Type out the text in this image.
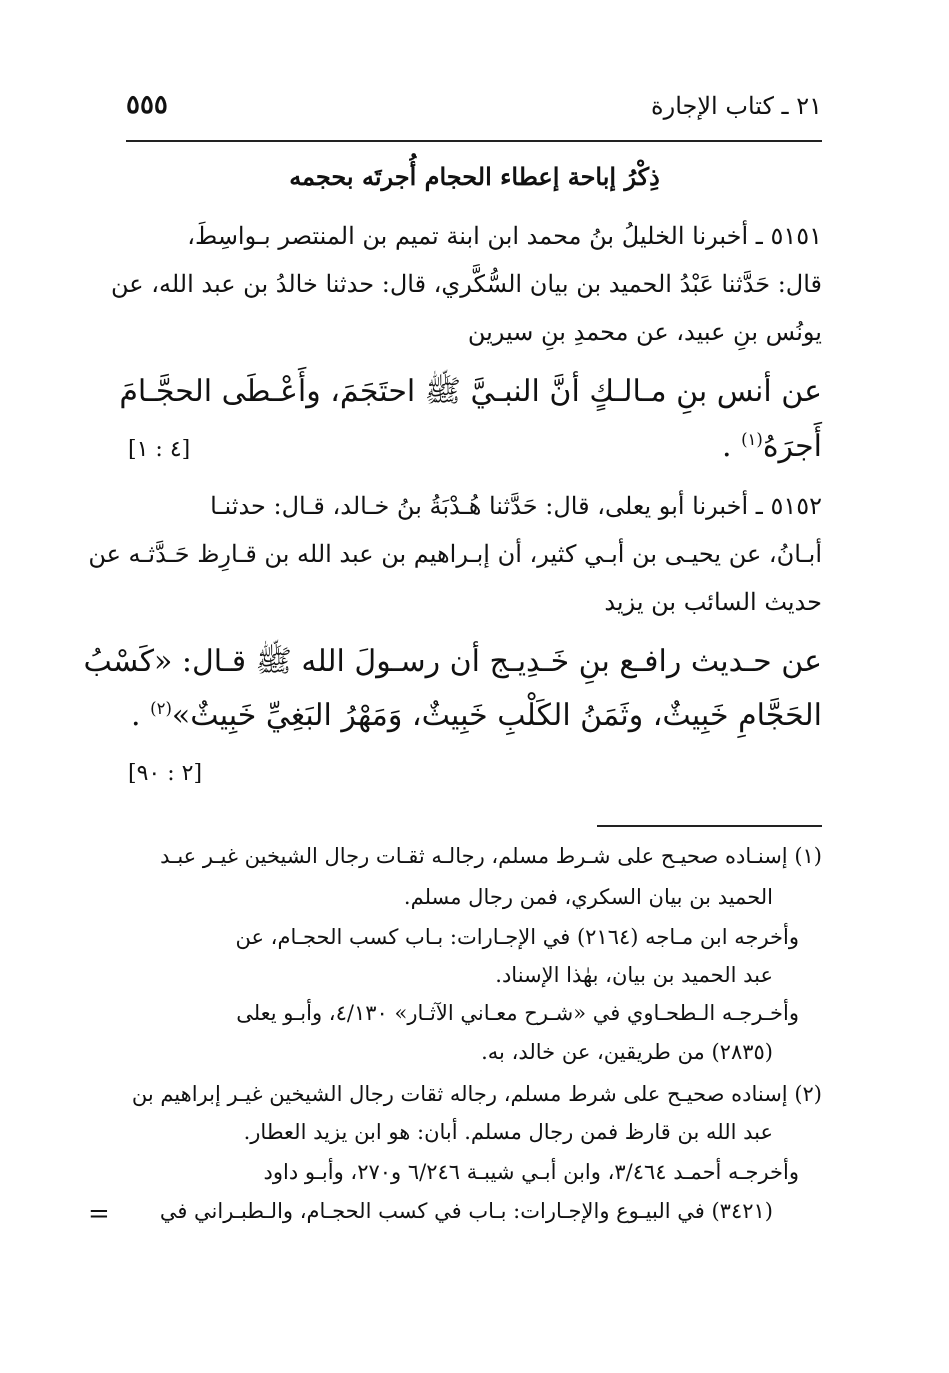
٢١ ـ كتاب الإجارة
٥٥٥
ذِكْرُ إباحة إعطاء الحجام أُجرتَه بحجمه
٥١٥١ ـ أخبرنا الخليلُ بنُ محمد ابن ابنة تميم بن المنتصر بـواسِطَ،
قال: حَدَّثنا عَبْدُ الحميد بن بيان السُّكَّري، قال: حدثنا خالدُ بن عبد الله، عن
يونُس بنِ عبيد، عن محمدِ بنِ سيرين
عن أنس بنِ مـالـكٍ أنَّ النبـيَّ ﷺ احتَجَمَ، وأَعْـطَى الحجَّـامَ
أَجرَهُ$^{(١)}$ .
[٤ : ١]
٥١٥٢ ـ أخبرنا أبو يعلى، قال: حَدَّثنا هُـدْبَةُ بنُ خـالد، قـال: حدثنـا
أبـانُ، عن يحيـى بن أبـي كثير، أن إبـراهيم بن عبد الله بن قـارِظ حَـدَّثـه عن
حديث السائب بن يزيد
عن حـديث رافـع بنِ خَـدِيـج أن رسـولَ الله ﷺ قـال: «كَسْبُ
الحَجَّامِ خَبِيثٌ، وثَمَنُ الكَلْبِ خَبِيثٌ، وَمَهْرُ البَغِيِّ خَبِيثٌ»$^{(٢)}$ .
[٢ : ٩٠]
(١) إسنـاده صحيـح على شـرط مسلم، رجالـه ثقـات رجال الشيخين غيـر عبـد
الحميد بن بيان السكري، فمن رجال مسلم.
وأخرجه ابن مـاجه (٢١٦٤) في الإجـارات: بـاب كسب الحجـام، عن
عبد الحميد بن بيان، بهٰذا الإسناد.
وأخـرجـه الـطحـاوي في «شـرح معـاني الآثـار» ٤/١٣٠، وأبـو يعلى
(٢٨٣٥) من طريقين، عن خالد، به.
(٢) إسناده صحيـح على شرط مسلم، رجاله ثقات رجال الشيخين غيـر إبراهيم بن
عبد الله بن قارظ فمن رجال مسلم. أبان: هو ابن يزيد العطار.
وأخرجـه أحمـد ٣/٤٦٤، وابن أبـي شيبـة ٦/٢٤٦ و٢٧٠، وأبـو داود
(٣٤٢١) في البيـوع والإجـارات: بـاب في كسب الحجـام، والـطبـراني في
=
